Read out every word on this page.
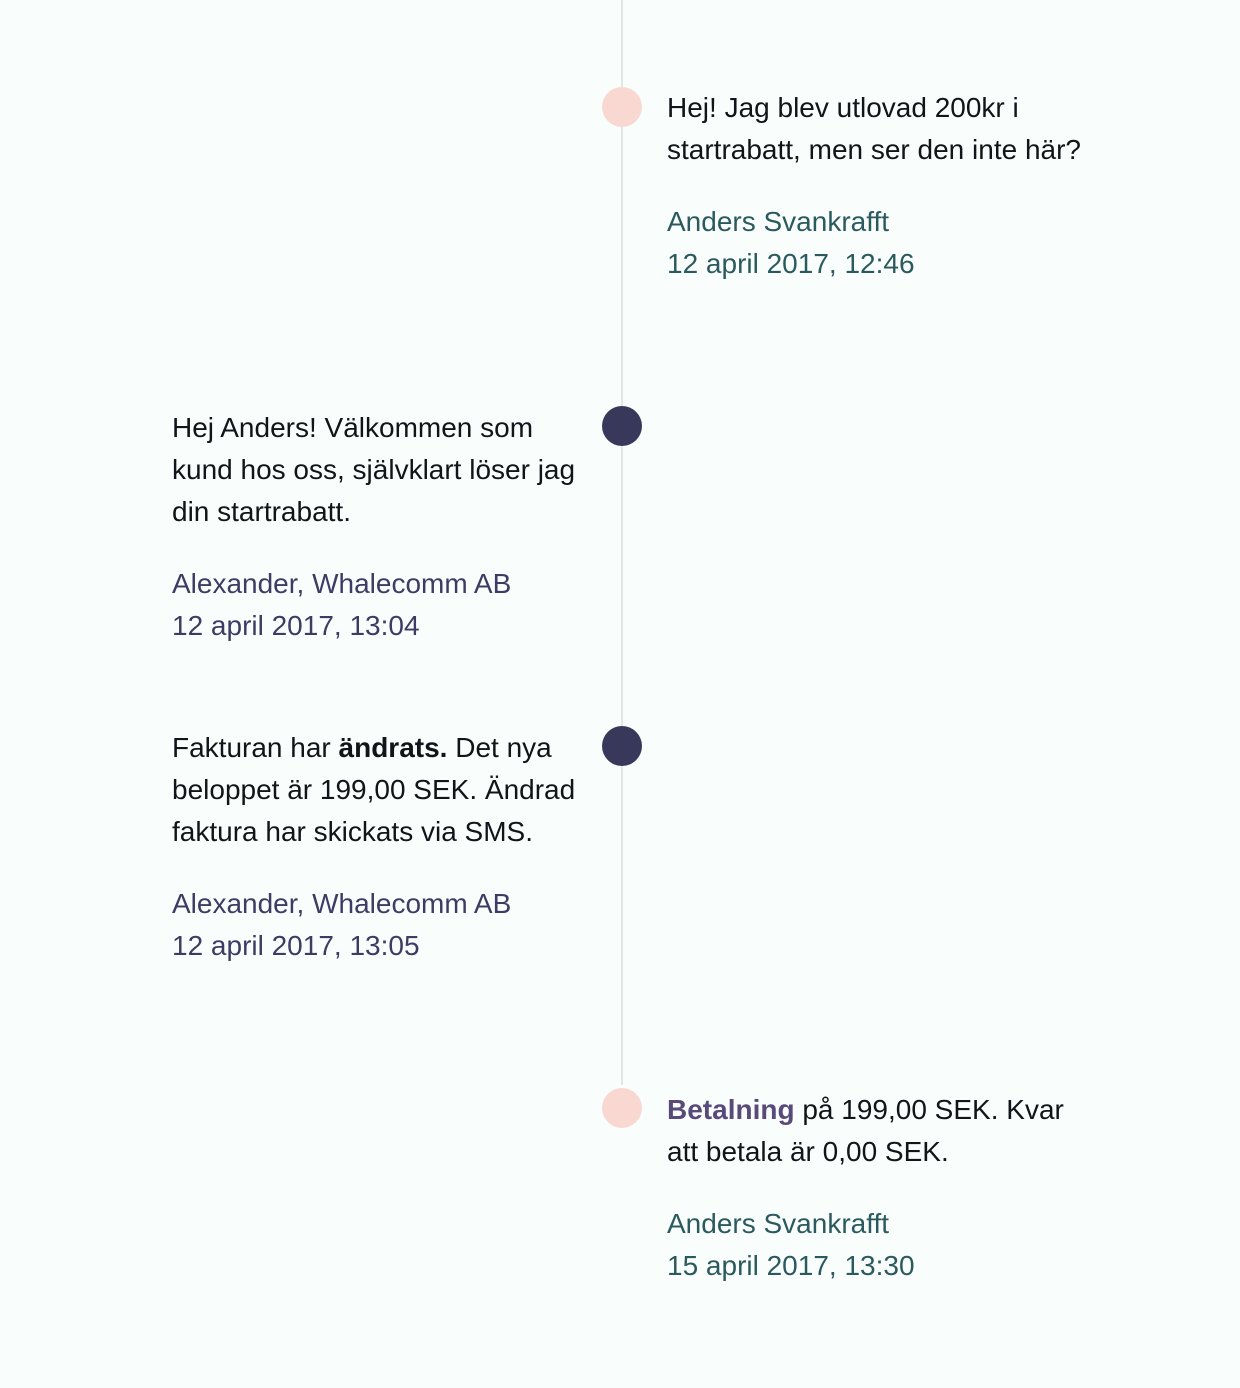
Hej! Jag blev utlovad 200kr i startrabatt, men ser den inte här?

Anders Svankrafft
12 april 2017, 12:46

Hej Anders! Välkommen som kund hos oss, självklart löser jag din startrabatt.

Alexander, Whalecomm AB
12 april 2017, 13:04

Fakturan har ändrats. Det nya beloppet är 199,00 SEK. Ändrad faktura har skickats via SMS.

Alexander, Whalecomm AB
12 april 2017, 13:05

Betalning på 199,00 SEK. Kvar att betala är 0,00 SEK.

Anders Svankrafft
15 april 2017, 13:30
